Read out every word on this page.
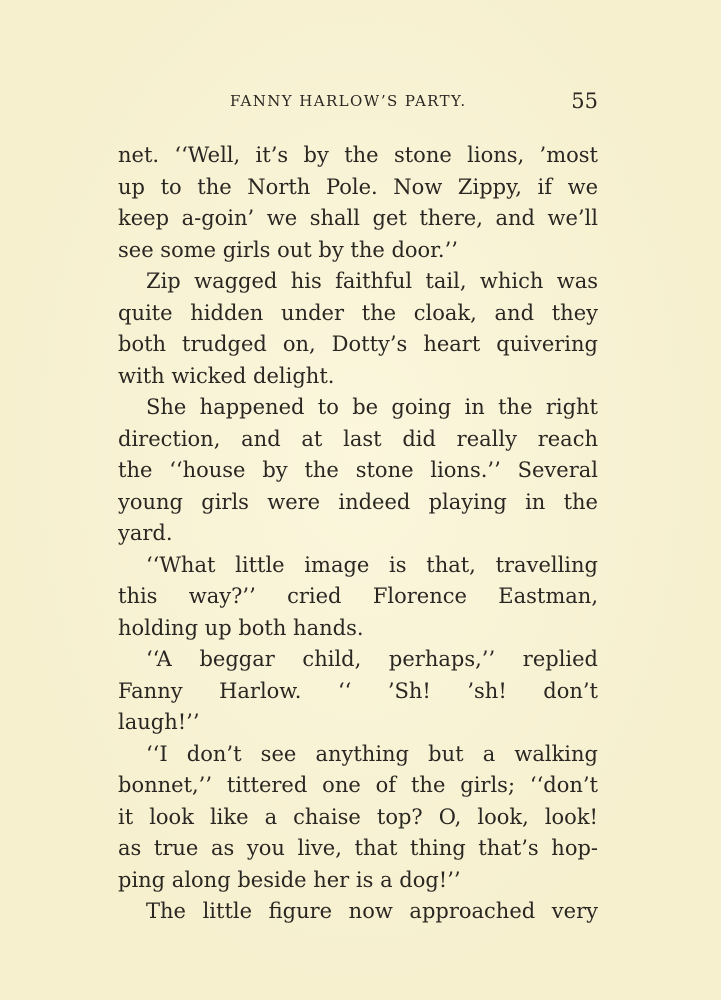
FANNY HARLOW’S PARTY.	55
net. ‘‘Well, it’s by the stone lions, ’most
up to the North Pole. Now Zippy, if we
keep a-goin’ we shall get there, and we’ll
see some girls out by the door.’’
Zip wagged his faithful tail, which was
quite hidden under the cloak, and they
both trudged on, Dotty’s heart quivering
with wicked delight.
She happened to be going in the right
direction, and at last did really reach
the ‘‘house by the stone lions.’’ Several
young girls were indeed playing in the
yard.
‘‘What little image is that, travelling
this way?’’ cried Florence Eastman,
holding up both hands.
‘‘A beggar child, perhaps,’’ replied
Fanny Harlow. ‘‘ ’Sh! ’sh! don’t
laugh!’’
‘‘I don’t see anything but a walking
bonnet,’’ tittered one of the girls; ‘‘don’t
it look like a chaise top? O, look, look!
as true as you live, that thing that’s hop-
ping along beside her is a dog!’’
The little figure now approached very
